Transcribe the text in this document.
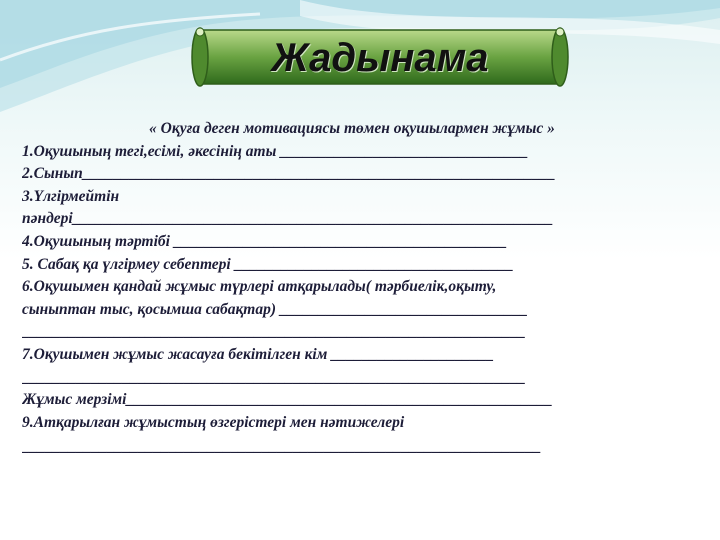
Жадынама
« Оқуға деген мотивациясы төмен оқушылармен жұмыс »
1.Оқушының тегі,есімі, әкесінің аты ________________________________
2.Сынып_____________________________________________________________
3.Үлгірмейтін
пәндері______________________________________________________________
4.Оқушының тәртібі ___________________________________________
5. Сабақ қа үлгірмеу себептері ____________________________________
6.Оқушымен қандай жұмыс түрлері атқарылады( тәрбиелік,оқыту,
сыныптан тыс, қосымша сабақтар) ________________________________
_________________________________________________________________
7.Оқушымен жұмыс жасауға бекітілген кім _____________________
_________________________________________________________________
Жұмыс мерзімі_______________________________________________________
9.Атқарылған жұмыстың өзгерістері мен нәтижелері
___________________________________________________________________
